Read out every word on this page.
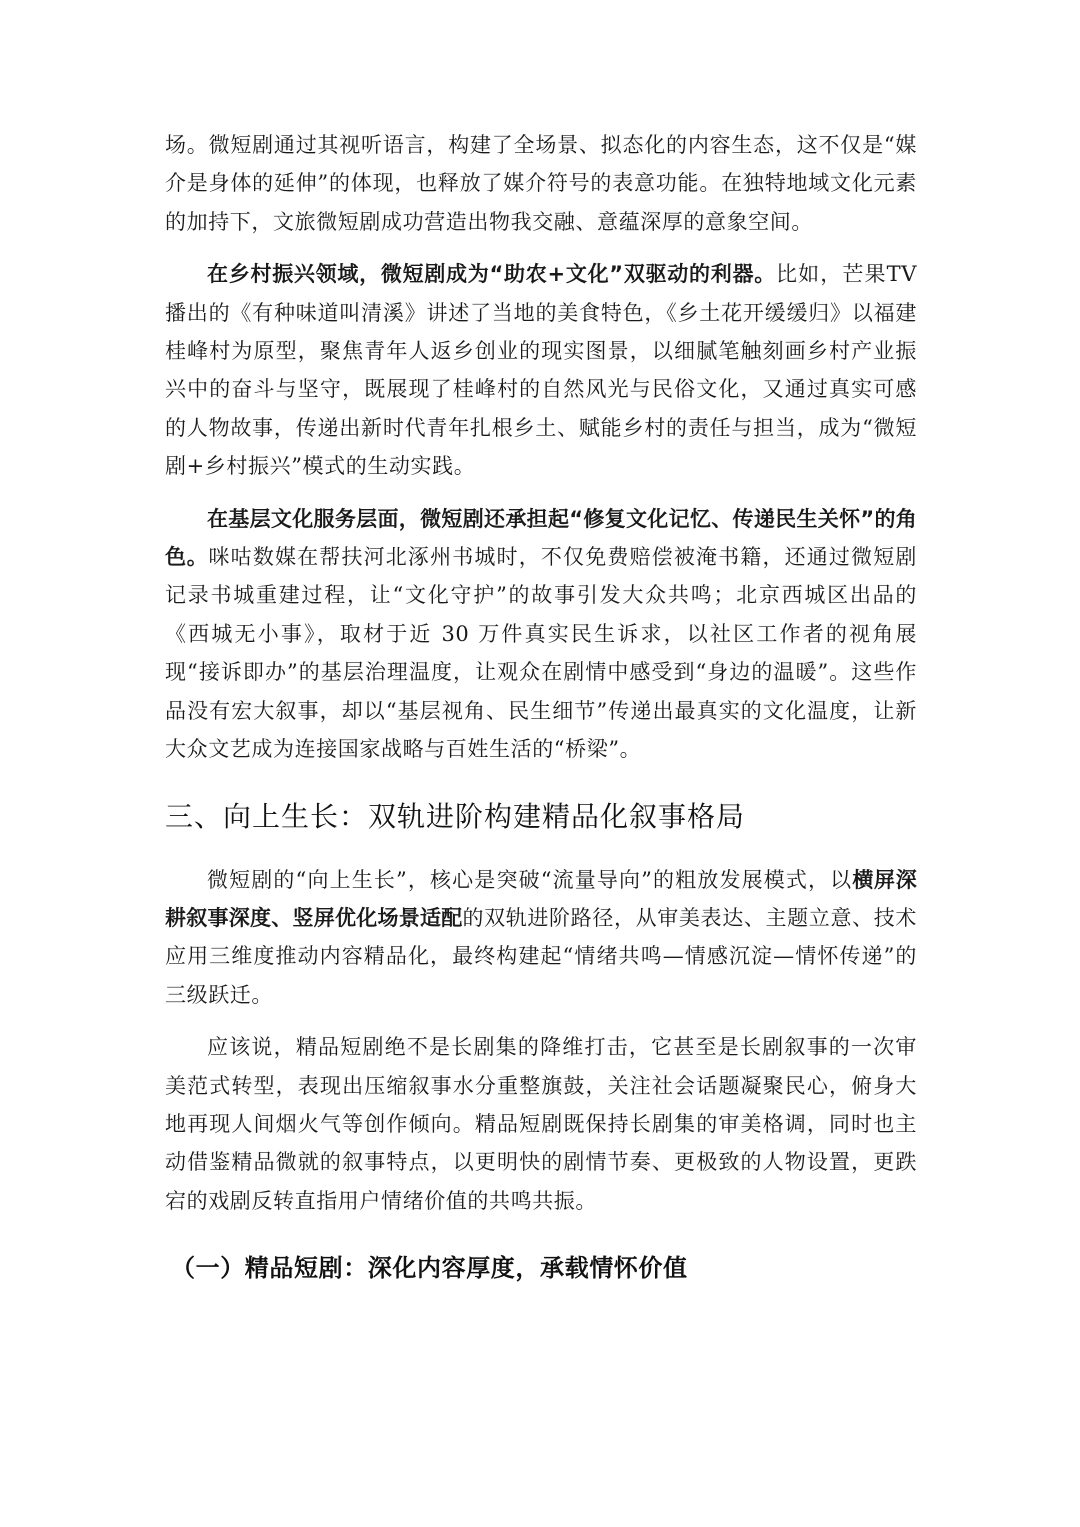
场。微短剧通过其视听语言，构建了全场景、拟态化的内容生态，这不仅是“媒介是身体的延伸”的体现，也释放了媒介符号的表意功能。在独特地域文化元素的加持下，文旅微短剧成功营造出物我交融、意蕴深厚的意象空间。

在乡村振兴领域，微短剧成为“助农+文化”双驱动的利器。比如，芒果TV 播出的《有种味道叫清溪》讲述了当地的美食特色，《乡土花开缓缓归》以福建桂峰村为原型，聚焦青年人返乡创业的现实图景，以细腻笔触刻画乡村产业振兴中的奋斗与坚守，既展现了桂峰村的自然风光与民俗文化，又通过真实可感的人物故事，传递出新时代青年扎根乡土、赋能乡村的责任与担当，成为“微短剧+乡村振兴”模式的生动实践。

在基层文化服务层面，微短剧还承担起“修复文化记忆、传递民生关怀”的角色。咪咕数媒在帮扶河北涿州书城时，不仅免费赔偿被淹书籍，还通过微短剧记录书城重建过程，让“文化守护”的故事引发大众共鸣；北京西城区出品的《西城无小事》，取材于近 30 万件真实民生诉求，以社区工作者的视角展现“接诉即办”的基层治理温度，让观众在剧情中感受到“身边的温暖”。这些作品没有宏大叙事，却以“基层视角、民生细节”传递出最真实的文化温度，让新大众文艺成为连接国家战略与百姓生活的“桥梁”。

三、向上生长：双轨进阶构建精品化叙事格局

微短剧的“向上生长”，核心是突破“流量导向”的粗放发展模式，以横屏深耕叙事深度、竖屏优化场景适配的双轨进阶路径，从审美表达、主题立意、技术应用三维度推动内容精品化，最终构建起“情绪共鸣—情感沉淀—情怀传递”的三级跃迁。

应该说，精品短剧绝不是长剧集的降维打击，它甚至是长剧叙事的一次审美范式转型，表现出压缩叙事水分重整旗鼓，关注社会话题凝聚民心，俯身大地再现人间烟火气等创作倾向。精品短剧既保持长剧集的审美格调，同时也主动借鉴精品微就的叙事特点，以更明快的剧情节奏、更极致的人物设置，更跌宕的戏剧反转直指用户情绪价值的共鸣共振。

（一）精品短剧：深化内容厚度，承载情怀价值
